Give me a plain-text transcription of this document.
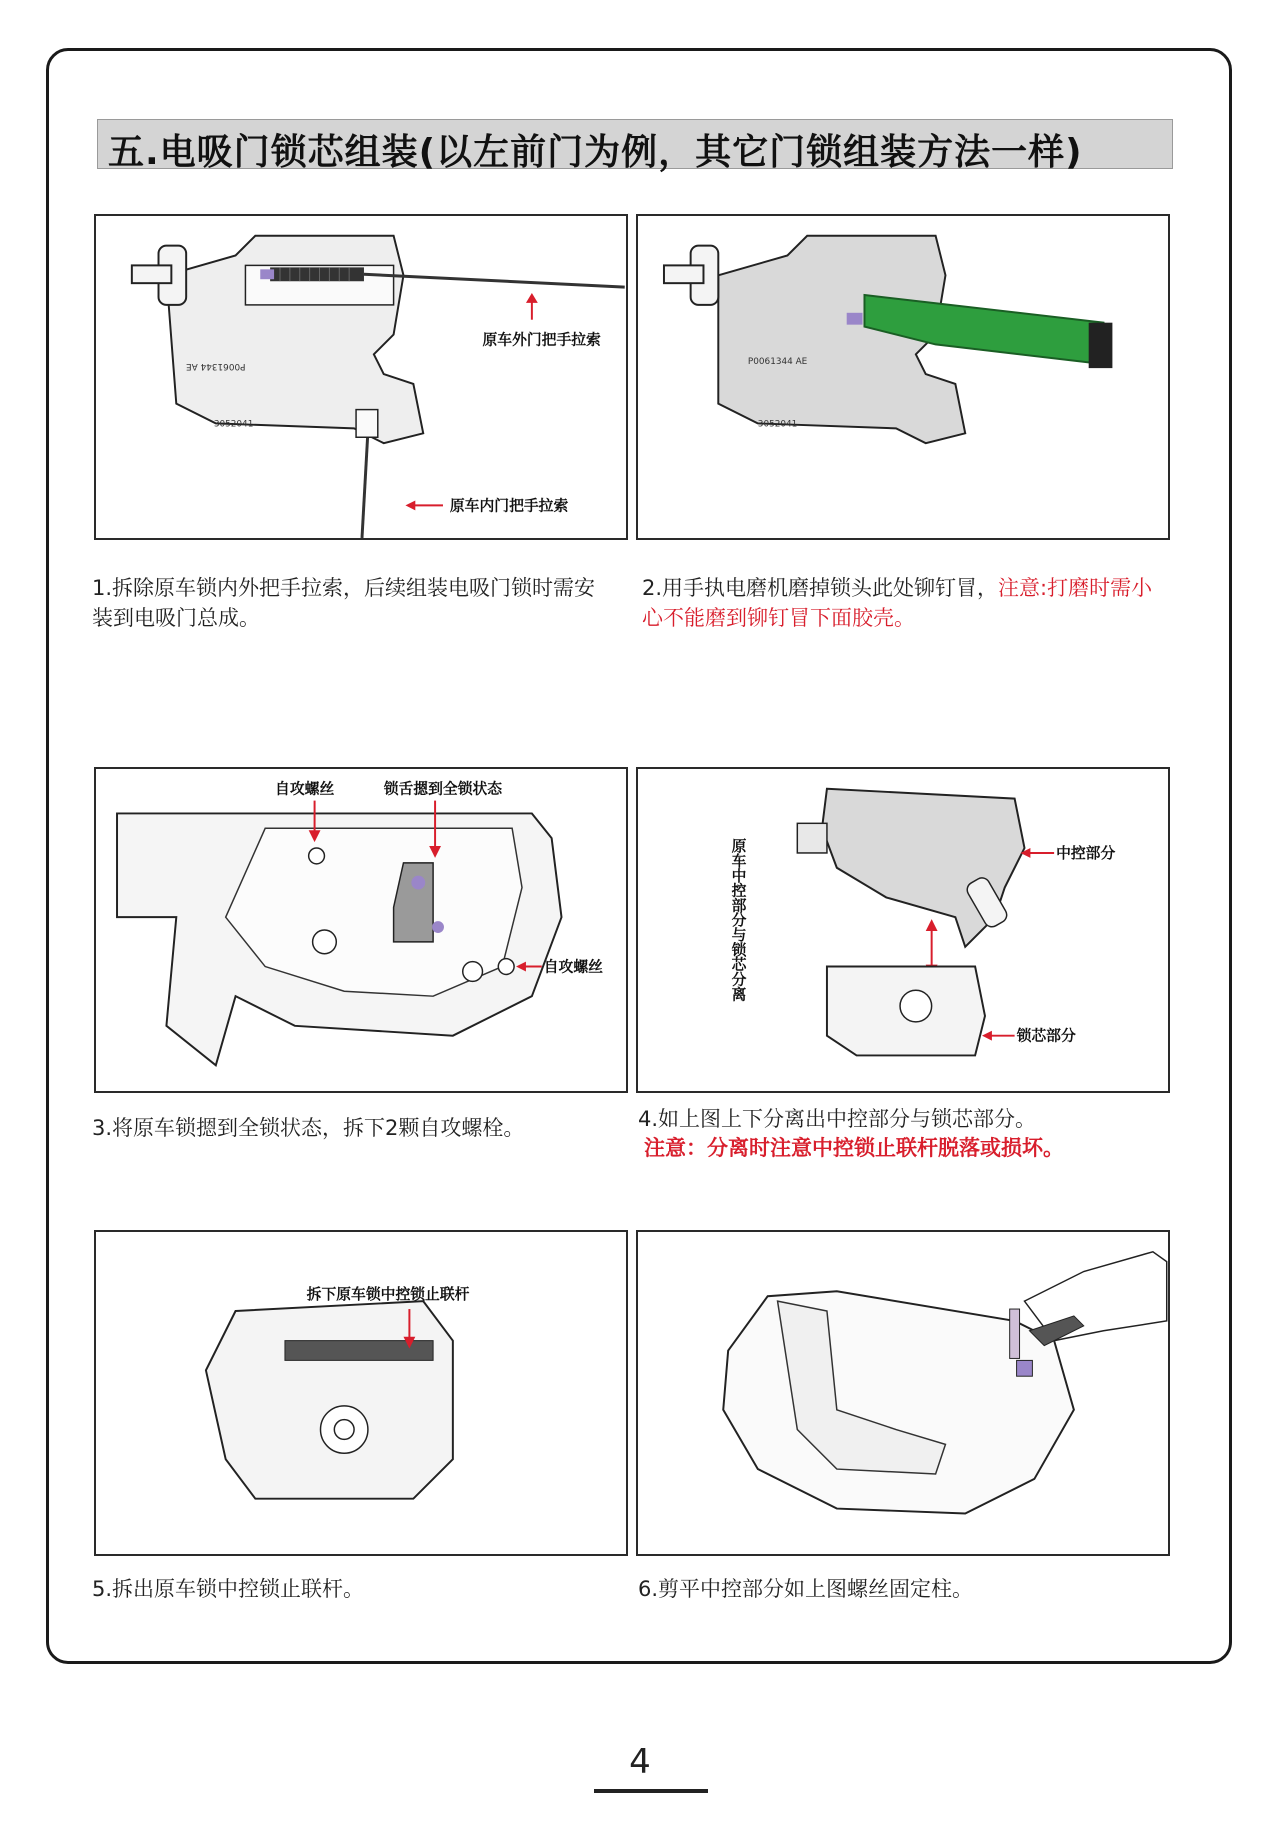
五.电吸门锁芯组装(以左前门为例，其它门锁组装方法一样)
P0061344 AE
3052041
原车外门把手拉索
原车内门把手拉索
P0061344 AE
3052041
1.拆除原车锁内外把手拉索，后续组装电吸门锁时需安装到电吸门总成。
2.用手执电磨机磨掉锁头此处铆钉冒，注意:打磨时需小心不能磨到铆钉冒下面胶壳。
自攻螺丝	锁舌摁到全锁状态
自攻螺丝
中控部分
锁芯部分
原车中控部分与锁芯分离
3.将原车锁摁到全锁状态，拆下2颗自攻螺栓。	4.如上图上下分离出中控部分与锁芯部分。
注意：分离时注意中控锁止联杆脱落或损坏。
拆下原车锁中控锁止联杆
5.拆出原车锁中控锁止联杆。	6.剪平中控部分如上图螺丝固定柱。
4
